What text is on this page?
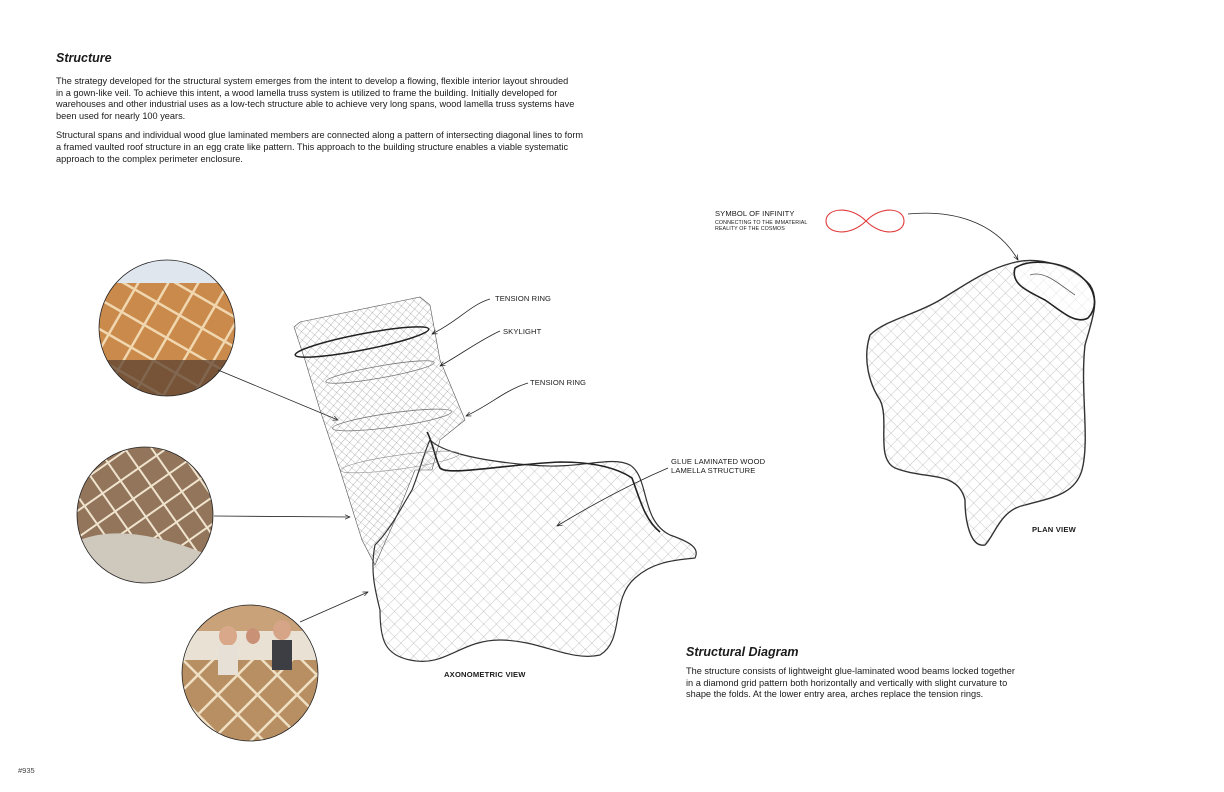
Structure

The strategy developed for the structural system emerges from the intent to develop a flowing, flexible interior layout shrouded
in a gown-like veil. To achieve this intent, a wood lamella truss system is utilized to frame the building. Initially developed for
warehouses and other industrial uses as a low-tech structure able to achieve very long spans, wood lamella truss systems have
been used for nearly 100 years.
Structural spans and individual wood glue laminated members are connected along a pattern of intersecting diagonal lines to form
a framed vaulted roof structure in an egg crate like pattern. This approach to the building structure enables a viable systematic
approach to the complex perimeter enclosure.
TENSION RING
SKYLIGHT
TENSION RING
GLUE LAMINATED WOOD
LAMELLA STRUCTURE
AXONOMETRIC VIEW
PLAN VIEW
SYMBOL OF INFINITY
CONNECTING TO THE IMMATERIAL
REALITY OF THE COSMOS

Structural Diagram

The structure consists of lightweight glue-laminated wood beams locked together
in a diamond grid pattern both horizontally and vertically with slight curvature to
shape the folds. At the lower entry area, arches replace the tension rings.
#935
